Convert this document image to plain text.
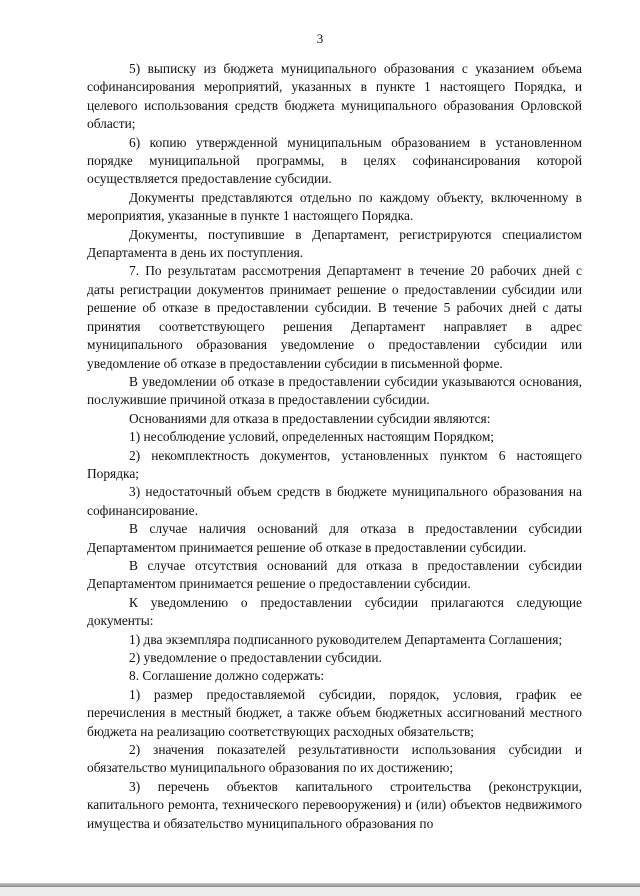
3

5) выписку из бюджета муниципального образования с указанием объема софинансирования мероприятий, указанных в пункте 1 настоящего Порядка, и целевого использования средств бюджета муниципального образования Орловской области;

6) копию утвержденной муниципальным образованием в установленном порядке муниципальной программы, в целях софинансирования которой осуществляется предоставление субсидии.

Документы представляются отдельно по каждому объекту, включенному в мероприятия, указанные в пункте 1 настоящего Порядка.

Документы, поступившие в Департамент, регистрируются специалистом Департамента в день их поступления.

7. По результатам рассмотрения Департамент в течение 20 рабочих дней с даты регистрации документов принимает решение о предоставлении субсидии или решение об отказе в предоставлении субсидии. В течение 5 рабочих дней с даты принятия соответствующего решения Департамент направляет в адрес муниципального образования уведомление о предоставлении субсидии или уведомление об отказе в предоставлении субсидии в письменной форме.

В уведомлении об отказе в предоставлении субсидии указываются основания, послужившие причиной отказа в предоставлении субсидии.

Основаниями для отказа в предоставлении субсидии являются:

1) несоблюдение условий, определенных настоящим Порядком;

2) некомплектность документов, установленных пунктом 6 настоящего Порядка;

3) недостаточный объем средств в бюджете муниципального образования на софинансирование.

В случае наличия оснований для отказа в предоставлении субсидии Департаментом принимается решение об отказе в предоставлении субсидии.

В случае отсутствия оснований для отказа в предоставлении субсидии Департаментом принимается решение о предоставлении субсидии.

К уведомлению о предоставлении субсидии прилагаются следующие документы:

1) два экземпляра подписанного руководителем Департамента Соглашения;

2) уведомление о предоставлении субсидии.

8. Соглашение должно содержать:

1) размер предоставляемой субсидии, порядок, условия, график ее перечисления в местный бюджет, а также объем бюджетных ассигнований местного бюджета на реализацию соответствующих расходных обязательств;

2) значения показателей результативности использования субсидии и обязательство муниципального образования по их достижению;

3) перечень объектов капитального строительства (реконструкции, капитального ремонта, технического перевооружения) и (или) объектов недвижимого имущества и обязательство муниципального образования по
